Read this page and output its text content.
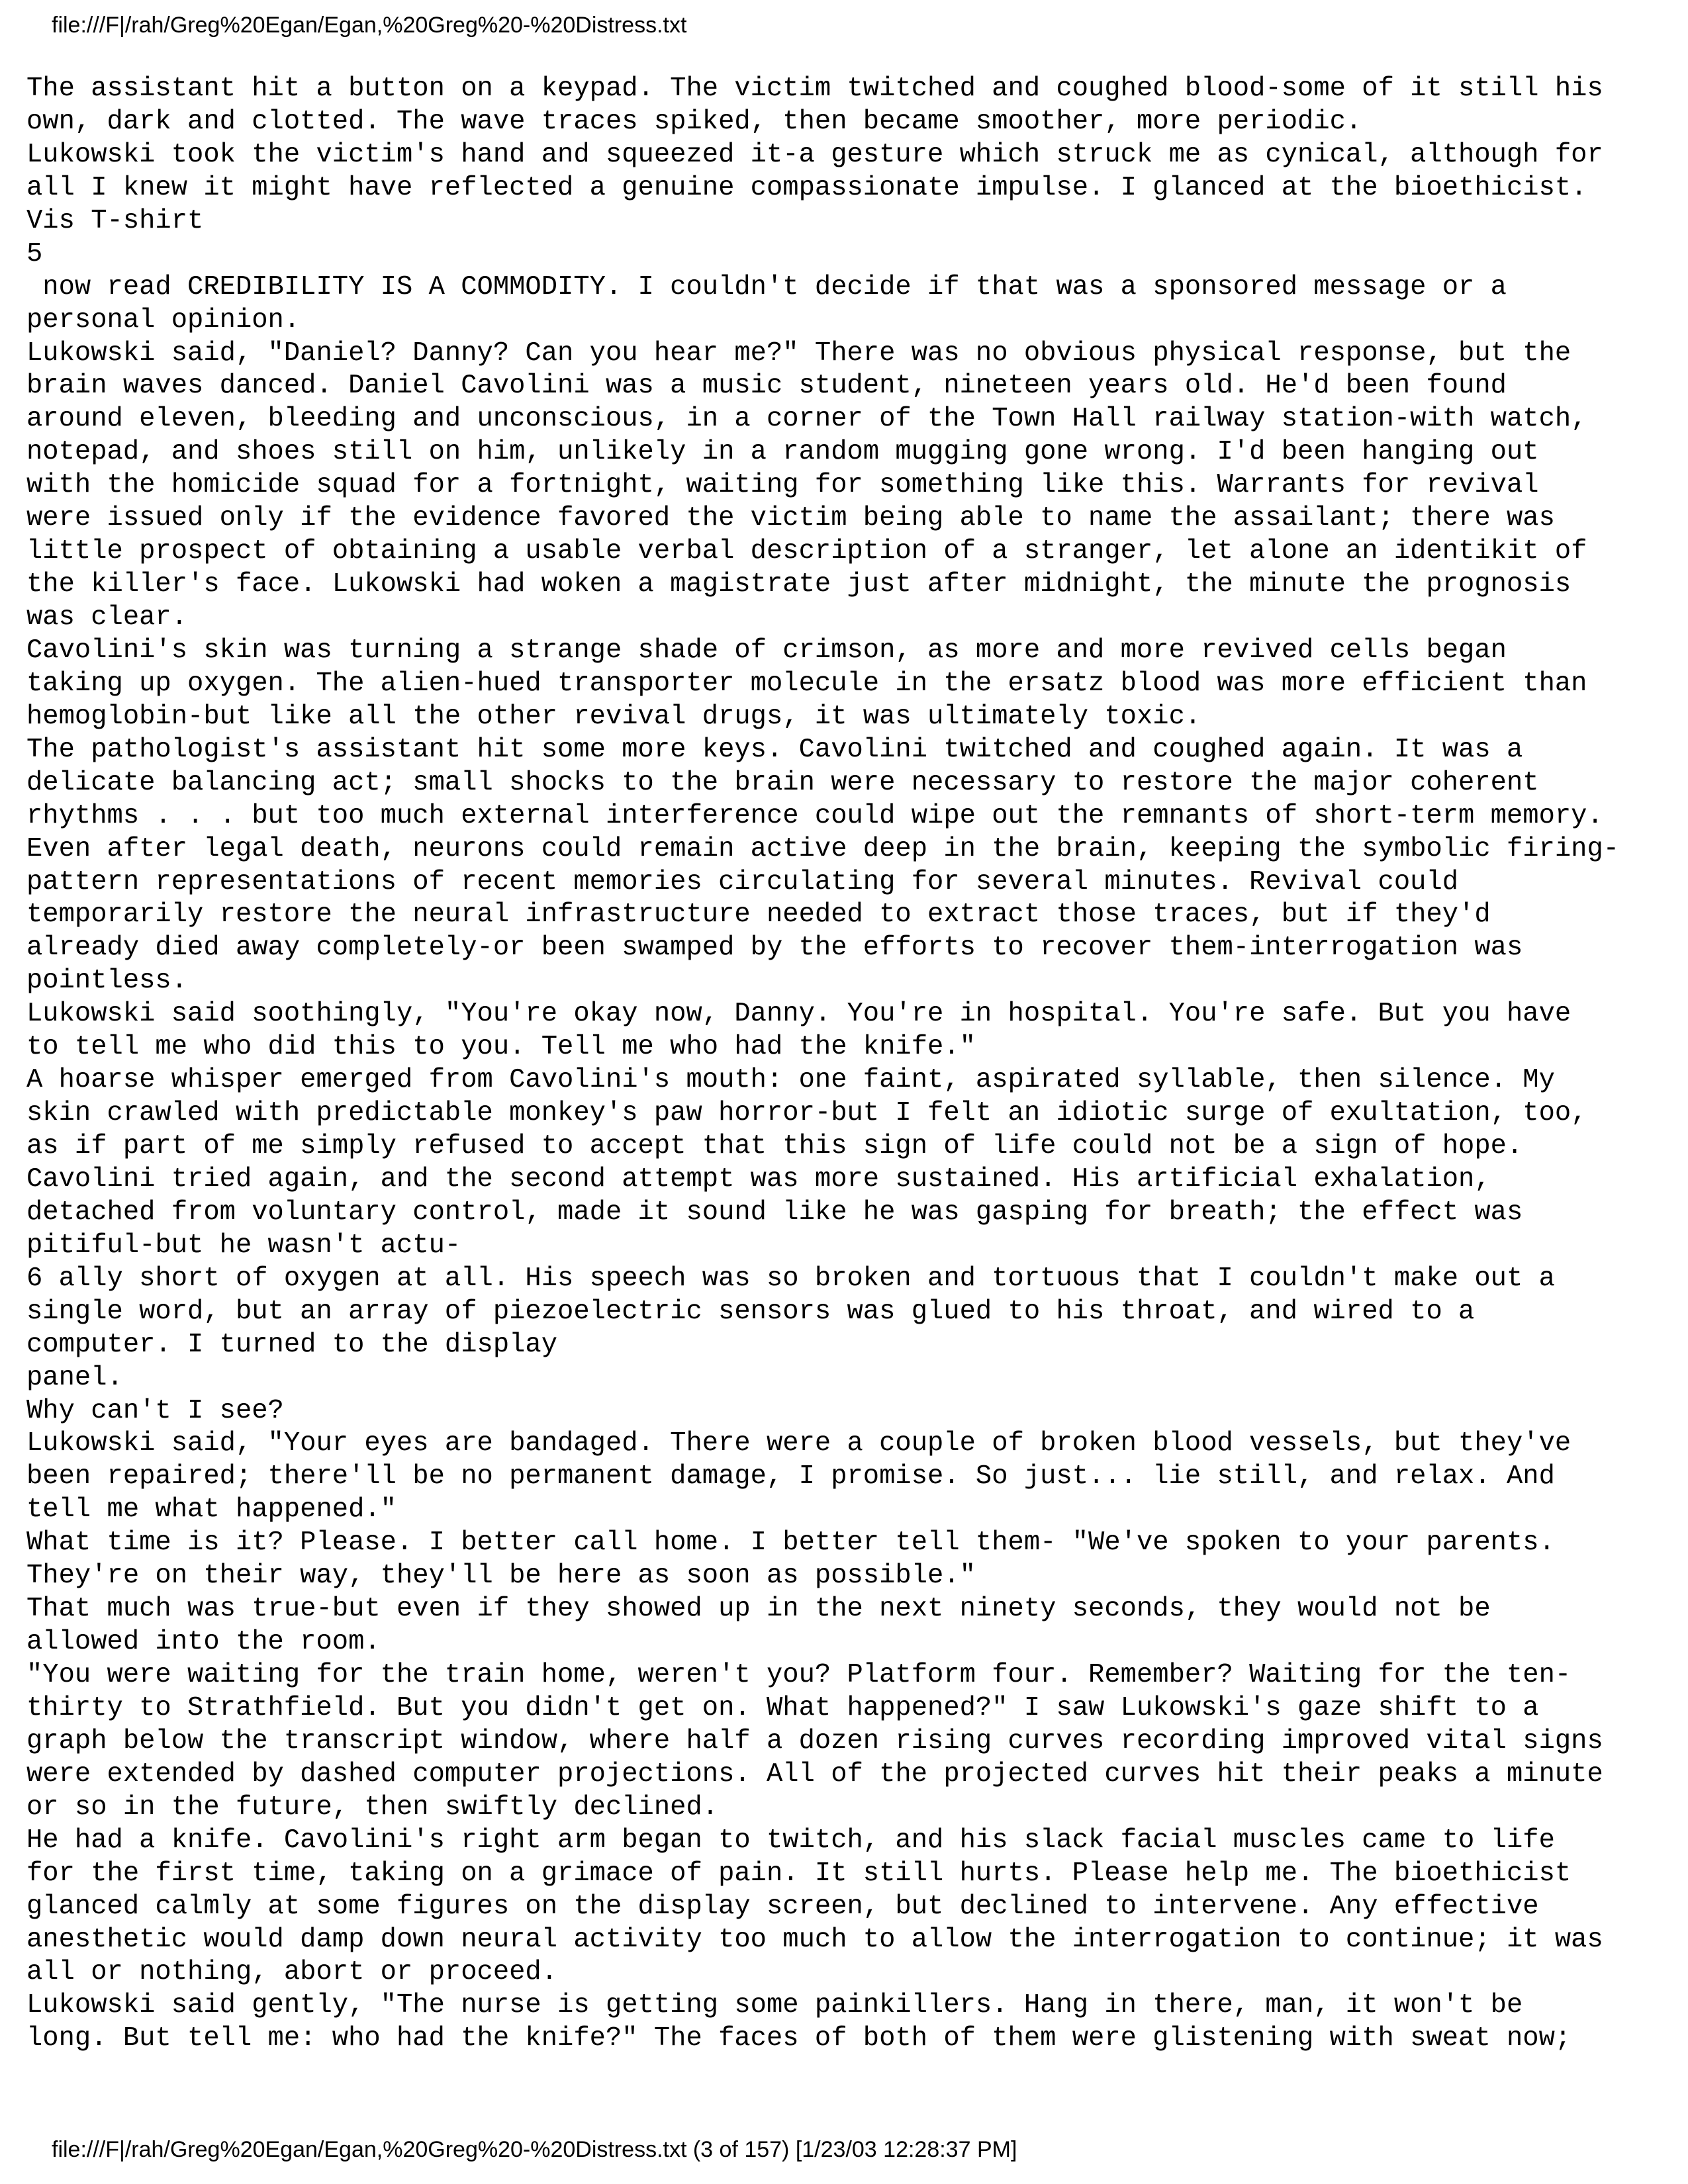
file:///F|/rah/Greg%20Egan/Egan,%20Greg%20-%20Distress.txt
The assistant hit a button on a keypad. The victim twitched and coughed blood-some of it still his
own, dark and clotted. The wave traces spiked, then became smoother, more periodic.
Lukowski took the victim's hand and squeezed it-a gesture which struck me as cynical, although for
all I knew it might have reflected a genuine compassionate impulse. I glanced at the bioethicist.
Vis T-shirt
5
now read CREDIBILITY IS A COMMODITY. I couldn't decide if that was a sponsored message or a
personal opinion.
Lukowski said, "Daniel? Danny? Can you hear me?" There was no obvious physical response, but the
brain waves danced. Daniel Cavolini was a music student, nineteen years old. He'd been found
around eleven, bleeding and unconscious, in a corner of the Town Hall railway station-with watch,
notepad, and shoes still on him, unlikely in a random mugging gone wrong. I'd been hanging out
with the homicide squad for a fortnight, waiting for something like this. Warrants for revival
were issued only if the evidence favored the victim being able to name the assailant; there was
little prospect of obtaining a usable verbal description of a stranger, let alone an identikit of
the killer's face. Lukowski had woken a magistrate just after midnight, the minute the prognosis
was clear.
Cavolini's skin was turning a strange shade of crimson, as more and more revived cells began
taking up oxygen. The alien-hued transporter molecule in the ersatz blood was more efficient than
hemoglobin-but like all the other revival drugs, it was ultimately toxic.
The pathologist's assistant hit some more keys. Cavolini twitched and coughed again. It was a
delicate balancing act; small shocks to the brain were necessary to restore the major coherent
rhythms . . . but too much external interference could wipe out the remnants of short-term memory.
Even after legal death, neurons could remain active deep in the brain, keeping the symbolic firing-
pattern representations of recent memories circulating for several minutes. Revival could
temporarily restore the neural infrastructure needed to extract those traces, but if they'd
already died away completely-or been swamped by the efforts to recover them-interrogation was
pointless.
Lukowski said soothingly, "You're okay now, Danny. You're in hospital. You're safe. But you have
to tell me who did this to you. Tell me who had the knife."
A hoarse whisper emerged from Cavolini's mouth: one faint, aspirated syllable, then silence. My
skin crawled with predictable monkey's paw horror-but I felt an idiotic surge of exultation, too,
as if part of me simply refused to accept that this sign of life could not be a sign of hope.
Cavolini tried again, and the second attempt was more sustained. His artificial exhalation,
detached from voluntary control, made it sound like he was gasping for breath; the effect was
pitiful-but he wasn't actu-
6 ally short of oxygen at all. His speech was so broken and tortuous that I couldn't make out a
single word, but an array of piezoelectric sensors was glued to his throat, and wired to a
computer. I turned to the display
panel.
Why can't I see?
Lukowski said, "Your eyes are bandaged. There were a couple of broken blood vessels, but they've
been repaired; there'll be no permanent damage, I promise. So just... lie still, and relax. And
tell me what happened."
What time is it? Please. I better call home. I better tell them- "We've spoken to your parents.
They're on their way, they'll be here as soon as possible."
That much was true-but even if they showed up in the next ninety seconds, they would not be
allowed into the room.
"You were waiting for the train home, weren't you? Platform four. Remember? Waiting for the ten-
thirty to Strathfield. But you didn't get on. What happened?" I saw Lukowski's gaze shift to a
graph below the transcript window, where half a dozen rising curves recording improved vital signs
were extended by dashed computer projections. All of the projected curves hit their peaks a minute
or so in the future, then swiftly declined.
He had a knife. Cavolini's right arm began to twitch, and his slack facial muscles came to life
for the first time, taking on a grimace of pain. It still hurts. Please help me. The bioethicist
glanced calmly at some figures on the display screen, but declined to intervene. Any effective
anesthetic would damp down neural activity too much to allow the interrogation to continue; it was
all or nothing, abort or proceed.
Lukowski said gently, "The nurse is getting some painkillers. Hang in there, man, it won't be
long. But tell me: who had the knife?" The faces of both of them were glistening with sweat now;
file:///F|/rah/Greg%20Egan/Egan,%20Greg%20-%20Distress.txt (3 of 157) [1/23/03 12:28:37 PM]
